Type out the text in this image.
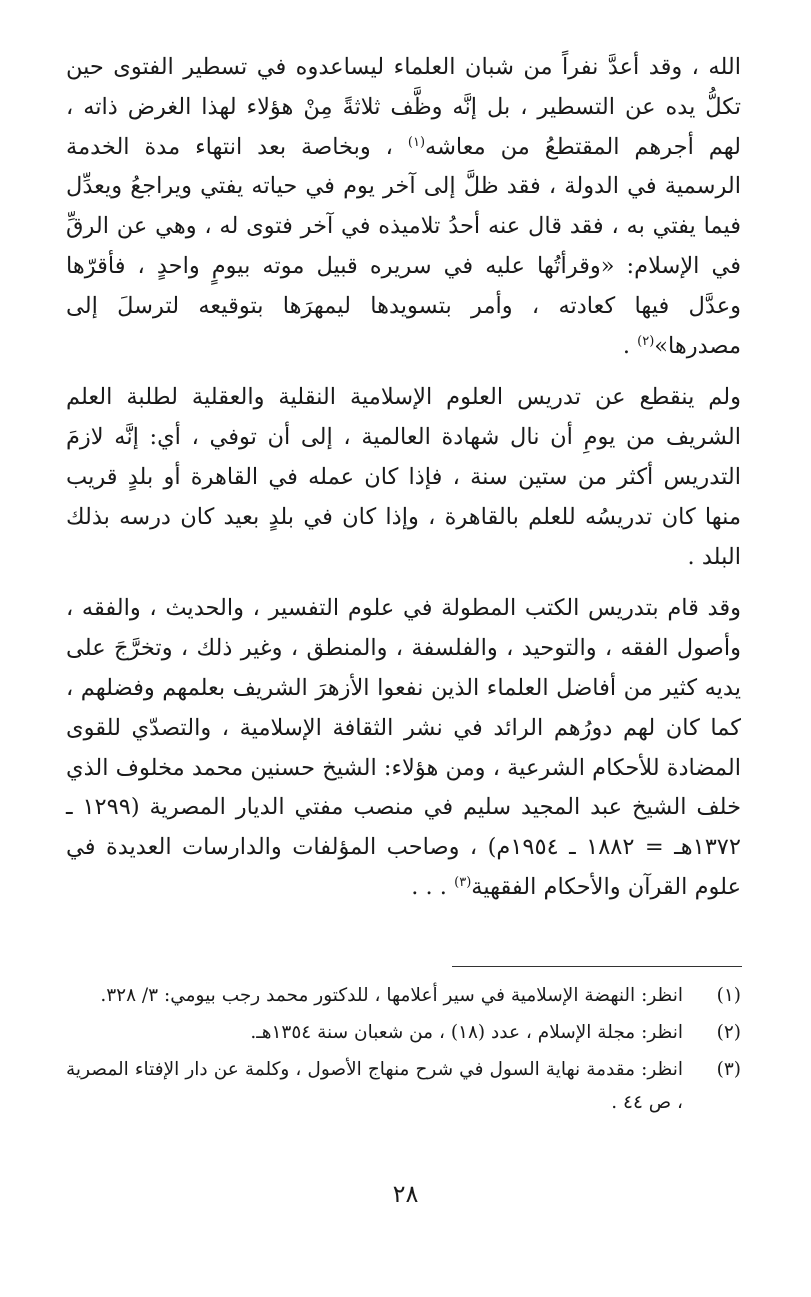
الله ، وقد أعدَّ نفراً من شبان العلماء ليساعدوه في تسطير الفتوى حين تكلُّ يده عن التسطير ، بل إنَّه وظَّف ثلاثةً مِنْ هؤلاء لهذا الغرض ذاته ، لهم أجرهم المقتطعُ من معاشه$^{(١)}$ ، وبخاصة بعد انتهاء مدة الخدمة الرسمية في الدولة ، فقد ظلَّ إلى آخر يوم في حياته يفتي ويراجعُ ويعدِّل فيما يفتي به ، فقد قال عنه أحدُ تلاميذه في آخر فتوى له ، وهي عن الرقِّ في الإسلام: «وقرأتُها عليه في سريره قبيل موته بيومٍ واحدٍ ، فأقرّها وعدَّل فيها كعادته ، وأمر بتسويدها ليمهرَها بتوقيعه لترسلَ إلى مصدرها»$^{(٢)}$ .

ولم ينقطع عن تدريس العلوم الإسلامية النقلية والعقلية لطلبة العلم الشريف من يومِ أن نال شهادة العالمية ، إلى أن توفي ، أي: إنَّه لازمَ التدريس أكثر من ستين سنة ، فإذا كان عمله في القاهرة أو بلدٍ قريب منها كان تدريسُه للعلم بالقاهرة ، وإذا كان في بلدٍ بعيد كان درسه بذلك البلد .

وقد قام بتدريس الكتب المطولة في علوم التفسير ، والحديث ، والفقه ، وأصول الفقه ، والتوحيد ، والفلسفة ، والمنطق ، وغير ذلك ، وتخرَّجَ على يديه كثير من أفاضل العلماء الذين نفعوا الأزهرَ الشريف بعلمهم وفضلهم ، كما كان لهم دورُهم الرائد في نشر الثقافة الإسلامية ، والتصدّي للقوى المضادة للأحكام الشرعية ، ومن هؤلاء: الشيخ حسنين محمد مخلوف الذي خلف الشيخ عبد المجيد سليم في منصب مفتي الديار المصرية (١٢٩٩ ـ ١٣٧٢هـ = ١٨٨٢ ـ ١٩٥٤م) ، وصاحب المؤلفات والدارسات العديدة في علوم القرآن والأحكام الفقهية$^{(٣)}$ . . .

(١)
انظر: النهضة الإسلامية في سير أعلامها ، للدكتور محمد رجب بيومي: ٣/ ٣٢٨.
(٢)
انظر: مجلة الإسلام ، عدد (١٨) ، من شعبان سنة ١٣٥٤هـ.
(٣)
انظر: مقدمة نهاية السول في شرح منهاج الأصول ، وكلمة عن دار الإفتاء المصرية ، ص ٤٤ .
٢٨
